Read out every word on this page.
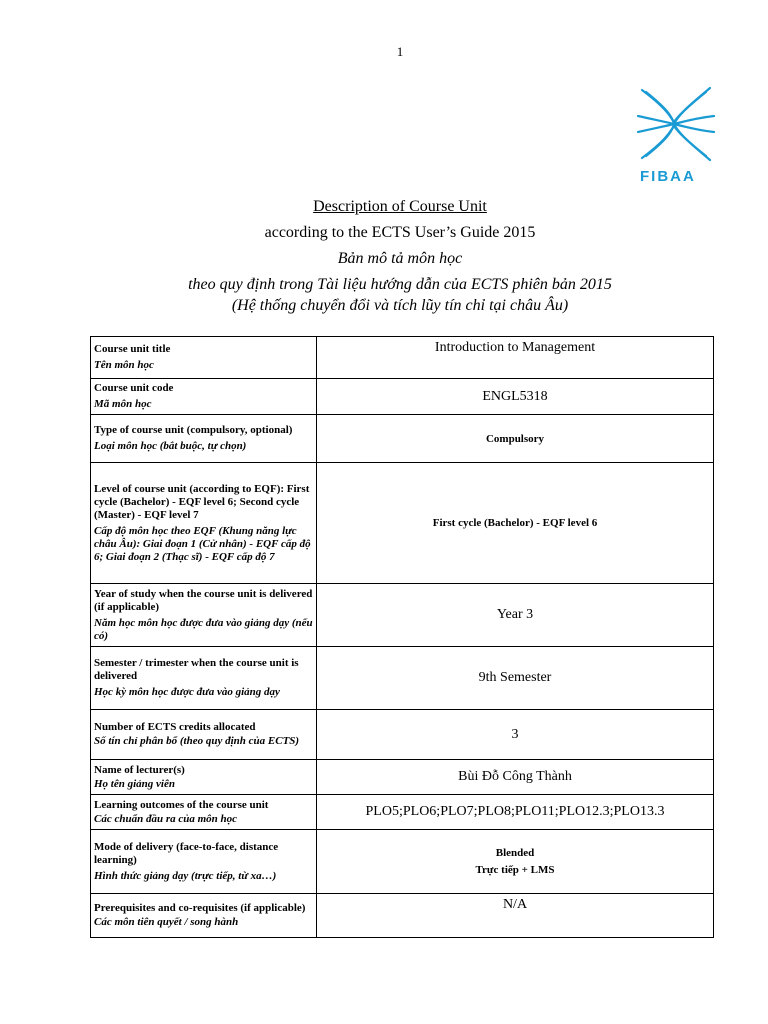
1
FIBAA
Description of Course Unit
according to the ECTS User’s Guide 2015
Bản mô tả môn học
theo quy định trong Tài liệu hướng dẫn của ECTS phiên bản 2015
(Hệ thống chuyển đổi và tích lũy tín chỉ tại châu Âu)
Course unit title
Tên môn học	Introduction to Management

Course unit code
Mã môn học	ENGL5318

Type of course unit (compulsory, optional)
Loại môn học (bắt buộc, tự chọn)	Compulsory

Level of course unit (according to EQF): First cycle (Bachelor) - EQF level 6; Second cycle (Master) - EQF level 7
Cấp độ môn học theo EQF (Khung năng lực châu Âu): Giai đoạn 1 (Cử nhân) - EQF cấp độ 6; Giai đoạn 2 (Thạc sĩ) - EQF cấp độ 7	First cycle (Bachelor) - EQF level 6

Year of study when the course unit is delivered (if applicable)
Năm học môn học được đưa vào giảng dạy (nếu có)	Year 3

Semester / trimester when the course unit is delivered
Học kỳ môn học được đưa vào giảng dạy	9th Semester

Number of ECTS credits allocated
Số tín chỉ phân bổ (theo quy định của ECTS)	3

Name of lecturer(s)
Họ tên giảng viên	Bùi Đỗ Công Thành

Learning outcomes of the course unit
Các chuẩn đầu ra của môn học	PLO5;PLO6;PLO7;PLO8;PLO11;PLO12.3;PLO13.3

Mode of delivery (face-to-face, distance learning)
Hình thức giảng dạy (trực tiếp, từ xa…)	Blended
Trực tiếp + LMS

Prerequisites and co-requisites (if applicable)
Các môn tiên quyết / song hành	N/A
